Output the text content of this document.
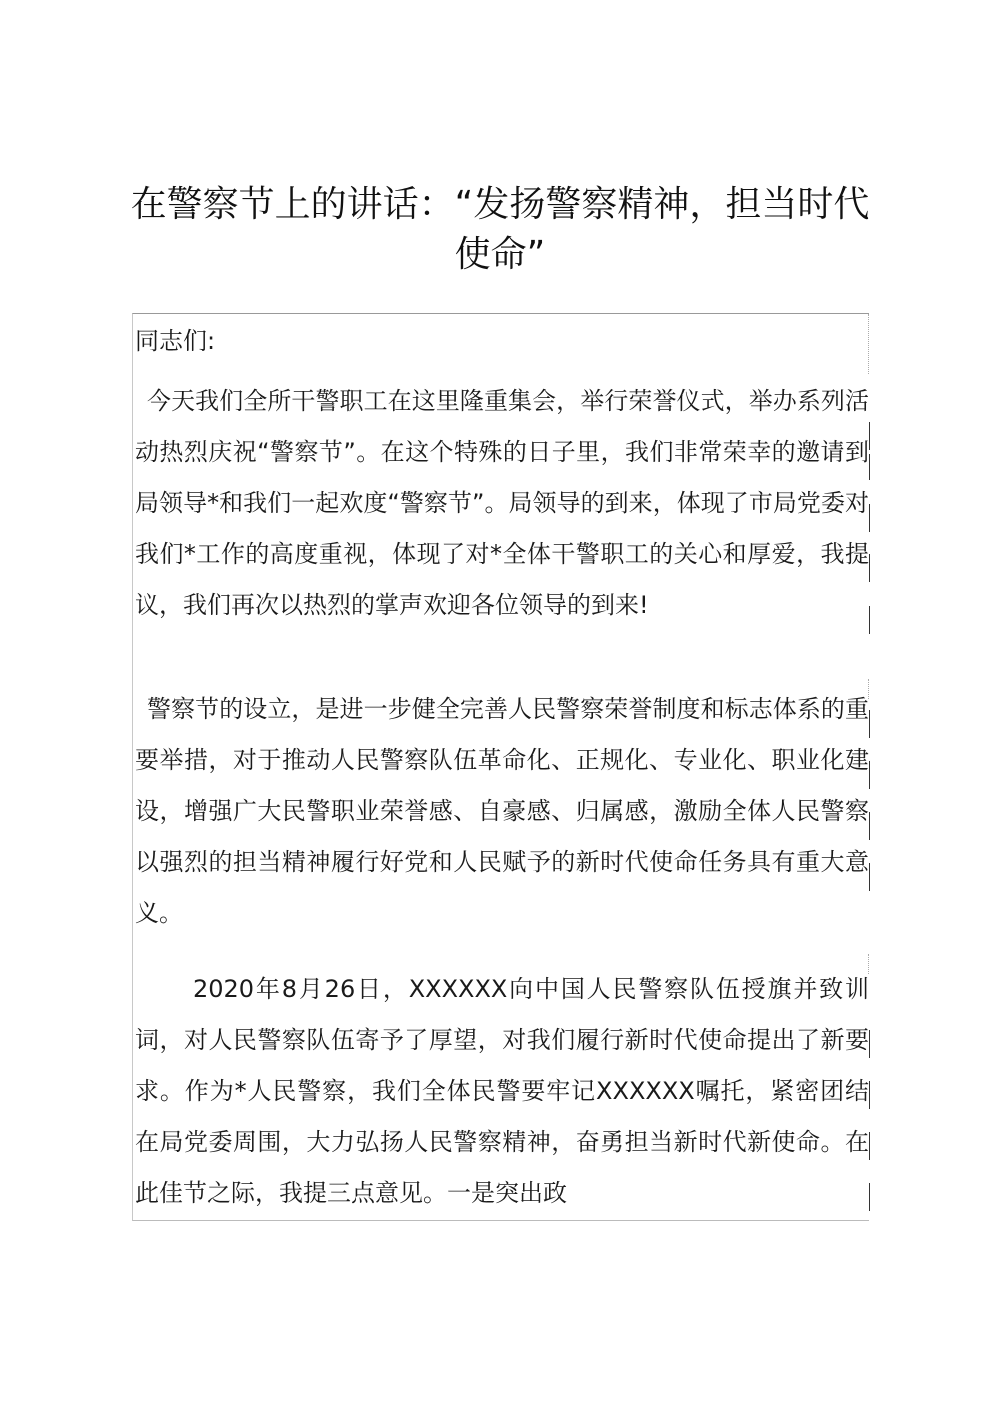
在警察节上的讲话：“发扬警察精神，担当时代使命”
同志们:
今天我们全所干警职工在这里隆重集会，举行荣誉仪式，举办系列活动热烈庆祝“警察节”。在这个特殊的日子里，我们非常荣幸的邀请到局领导*和我们一起欢度“警察节”。局领导的到来，体现了市局党委对我们*工作的高度重视，体现了对*全体干警职工的关心和厚爱，我提议，我们再次以热烈的掌声欢迎各位领导的到来!
警察节的设立，是进一步健全完善人民警察荣誉制度和标志体系的重要举措，对于推动人民警察队伍革命化、正规化、专业化、职业化建设，增强广大民警职业荣誉感、自豪感、归属感，激励全体人民警察以强烈的担当精神履行好党和人民赋予的新时代使命任务具有重大意义。
2020年8月26日，XXXXXX向中国人民警察队伍授旗并致训词，对人民警察队伍寄予了厚望，对我们履行新时代使命提出了新要求。作为*人民警察，我们全体民警要牢记XXXXXX嘱托，紧密团结在局党委周围，大力弘扬人民警察精神，奋勇担当新时代新使命。在此佳节之际，我提三点意见。一是突出政
